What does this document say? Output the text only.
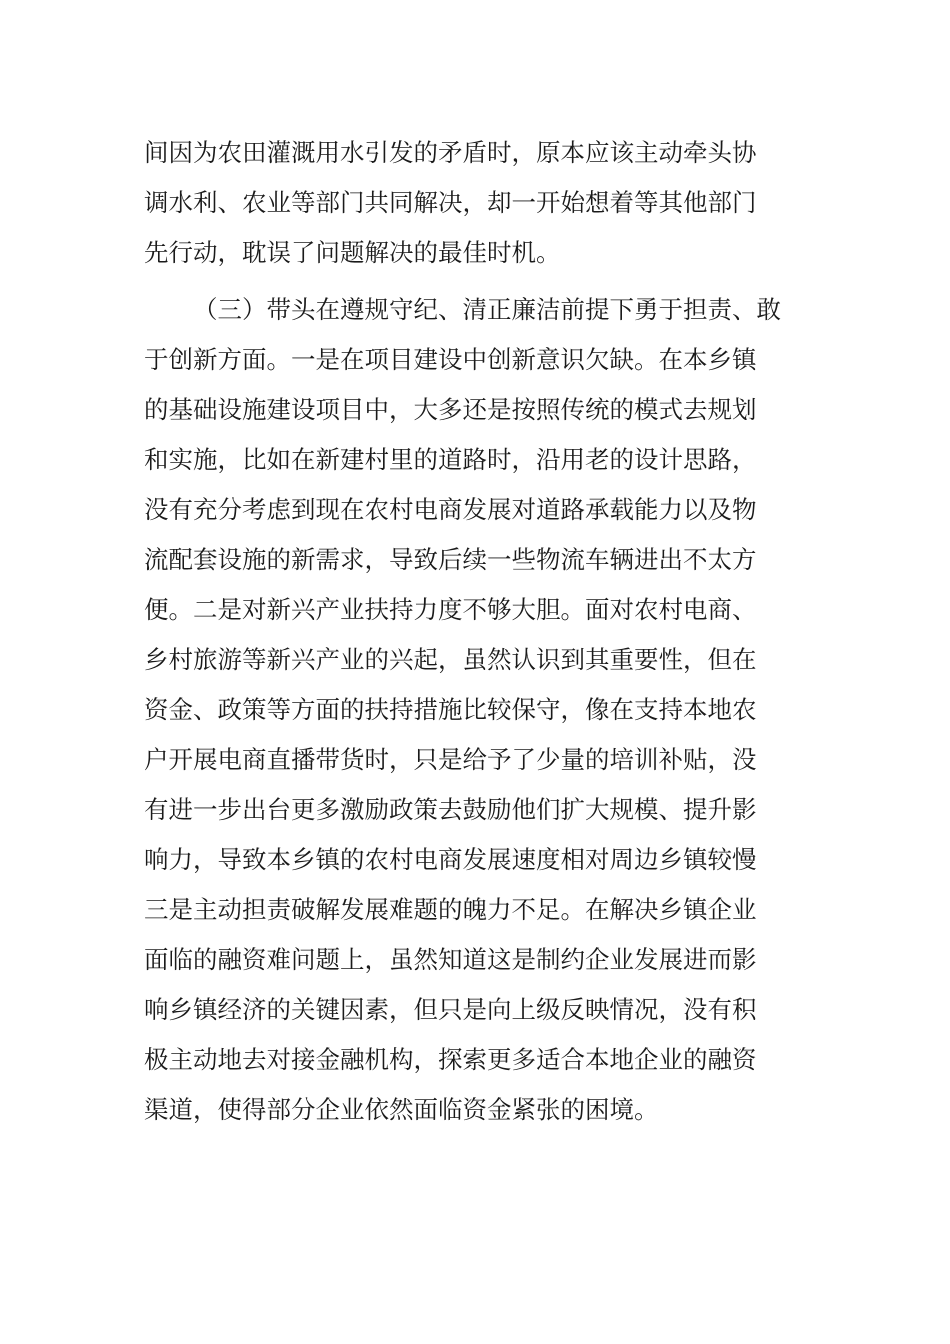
间因为农田灌溉用水引发的矛盾时，原本应该主动牵头协
调水利、农业等部门共同解决，却一开始想着等其他部门
先行动，耽误了问题解决的最佳时机。
（三）带头在遵规守纪、清正廉洁前提下勇于担责、敢
于创新方面。一是在项目建设中创新意识欠缺。在本乡镇
的基础设施建设项目中，大多还是按照传统的模式去规划
和实施，比如在新建村里的道路时，沿用老的设计思路，
没有充分考虑到现在农村电商发展对道路承载能力以及物
流配套设施的新需求，导致后续一些物流车辆进出不太方
便。二是对新兴产业扶持力度不够大胆。面对农村电商、
乡村旅游等新兴产业的兴起，虽然认识到其重要性，但在
资金、政策等方面的扶持措施比较保守，像在支持本地农
户开展电商直播带货时，只是给予了少量的培训补贴，没
有进一步出台更多激励政策去鼓励他们扩大规模、提升影
响力，导致本乡镇的农村电商发展速度相对周边乡镇较慢
三是主动担责破解发展难题的魄力不足。在解决乡镇企业
面临的融资难问题上，虽然知道这是制约企业发展进而影
响乡镇经济的关键因素，但只是向上级反映情况，没有积
极主动地去对接金融机构，探索更多适合本地企业的融资
渠道，使得部分企业依然面临资金紧张的困境。
